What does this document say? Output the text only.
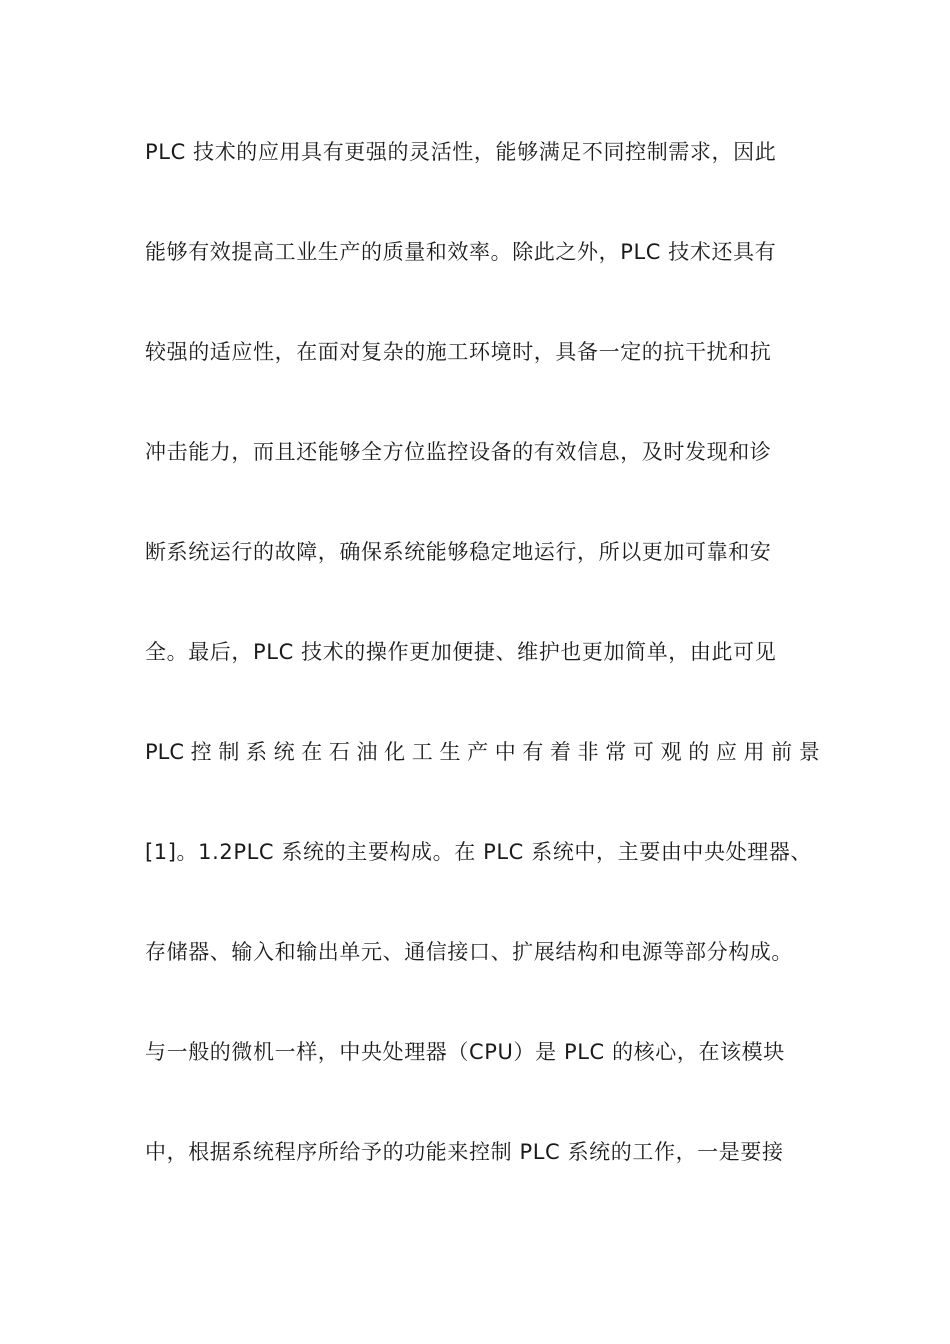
PLC 技术的应用具有更强的灵活性，能够满足不同控制需求，因此
能够有效提高工业生产的质量和效率。除此之外，PLC 技术还具有
较强的适应性，在面对复杂的施工环境时，具备一定的抗干扰和抗
冲击能力，而且还能够全方位监控设备的有效信息，及时发现和诊
断系统运行的故障，确保系统能够稳定地运行，所以更加可靠和安
全。最后，PLC 技术的操作更加便捷、维护也更加简单，由此可见
PLC 控 制 系 统 在 石 油 化 工 生 产 中 有 着 非 常 可 观 的 应 用 前 景
[1]。1.2PLC 系统的主要构成。在 PLC 系统中，主要由中央处理器、
存储器、输入和输出单元、通信接口、扩展结构和电源等部分构成。
与一般的微机一样，中央处理器（CPU）是 PLC 的核心，在该模块
中，根据系统程序所给予的功能来控制 PLC 系统的工作，一是要接
